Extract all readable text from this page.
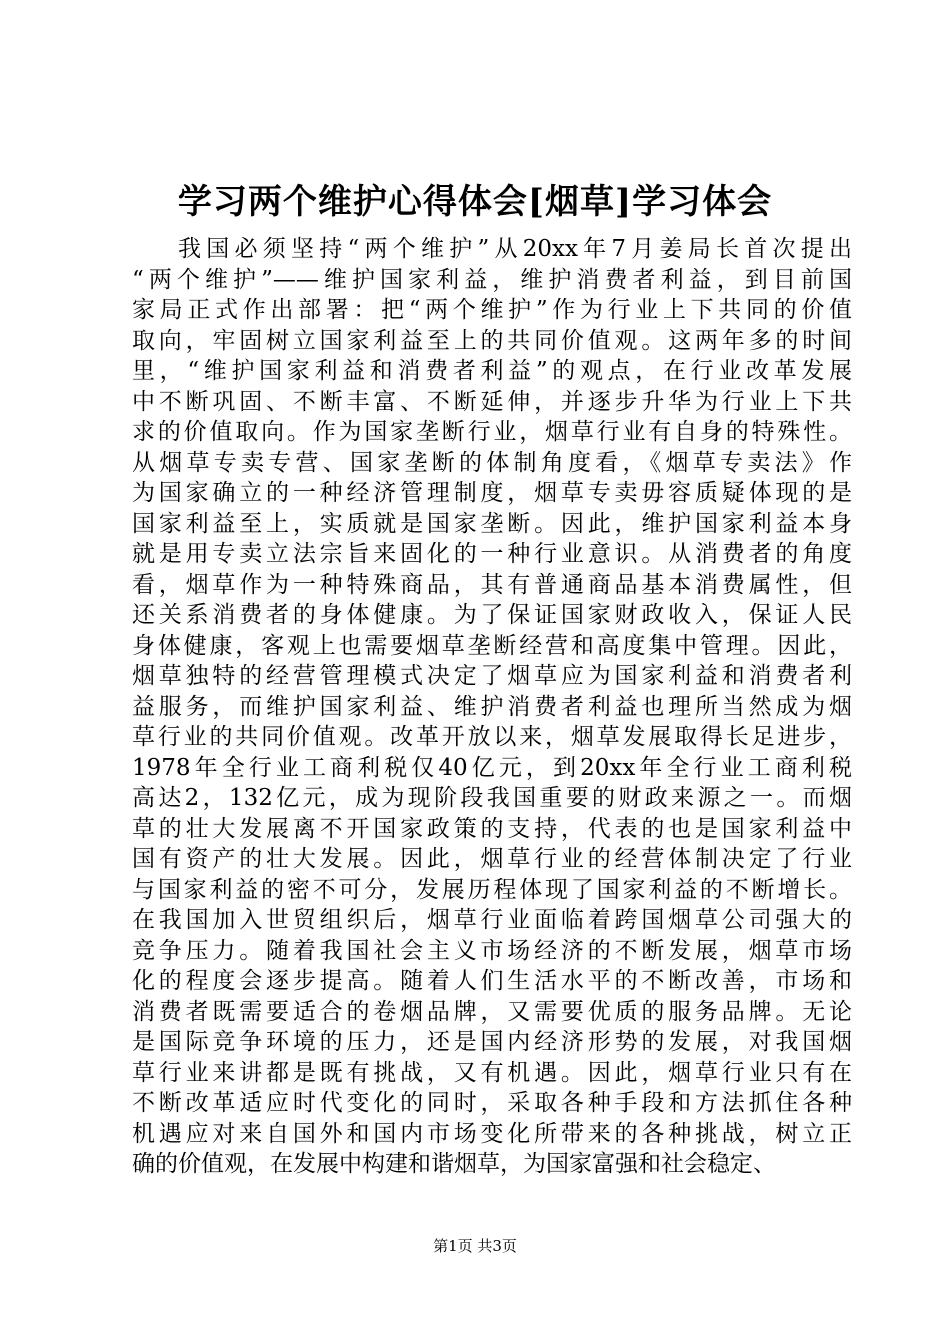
学习两个维护心得体会[烟草]学习体会
我国必须坚持“两个维护”从20xx年7月姜局长首次提出
“两个维护”——维护国家利益，维护消费者利益，到目前国
家局正式作出部署：把“两个维护”作为行业上下共同的价值
取向，牢固树立国家利益至上的共同价值观。这两年多的时间
里，“维护国家利益和消费者利益”的观点，在行业改革发展
中不断巩固、不断丰富、不断延伸，并逐步升华为行业上下共
求的价值取向。作为国家垄断行业，烟草行业有自身的特殊性。
从烟草专卖专营、国家垄断的体制角度看，《烟草专卖法》作
为国家确立的一种经济管理制度，烟草专卖毋容质疑体现的是
国家利益至上，实质就是国家垄断。因此，维护国家利益本身
就是用专卖立法宗旨来固化的一种行业意识。从消费者的角度
看，烟草作为一种特殊商品，其有普通商品基本消费属性，但
还关系消费者的身体健康。为了保证国家财政收入，保证人民
身体健康，客观上也需要烟草垄断经营和高度集中管理。因此，
烟草独特的经营管理模式决定了烟草应为国家利益和消费者利
益服务，而维护国家利益、维护消费者利益也理所当然成为烟
草行业的共同价值观。改革开放以来，烟草发展取得长足进步，
1978年全行业工商利税仅40亿元，到20xx年全行业工商利税
高达2，132亿元，成为现阶段我国重要的财政来源之一。而烟
草的壮大发展离不开国家政策的支持，代表的也是国家利益中
国有资产的壮大发展。因此，烟草行业的经营体制决定了行业
与国家利益的密不可分，发展历程体现了国家利益的不断增长。
在我国加入世贸组织后，烟草行业面临着跨国烟草公司强大的
竞争压力。随着我国社会主义市场经济的不断发展，烟草市场
化的程度会逐步提高。随着人们生活水平的不断改善，市场和
消费者既需要适合的卷烟品牌，又需要优质的服务品牌。无论
是国际竞争环境的压力，还是国内经济形势的发展，对我国烟
草行业来讲都是既有挑战，又有机遇。因此，烟草行业只有在
不断改革适应时代变化的同时，采取各种手段和方法抓住各种
机遇应对来自国外和国内市场变化所带来的各种挑战，树立正
确的价值观，在发展中构建和谐烟草，为国家富强和社会稳定、
第1页 共3页
